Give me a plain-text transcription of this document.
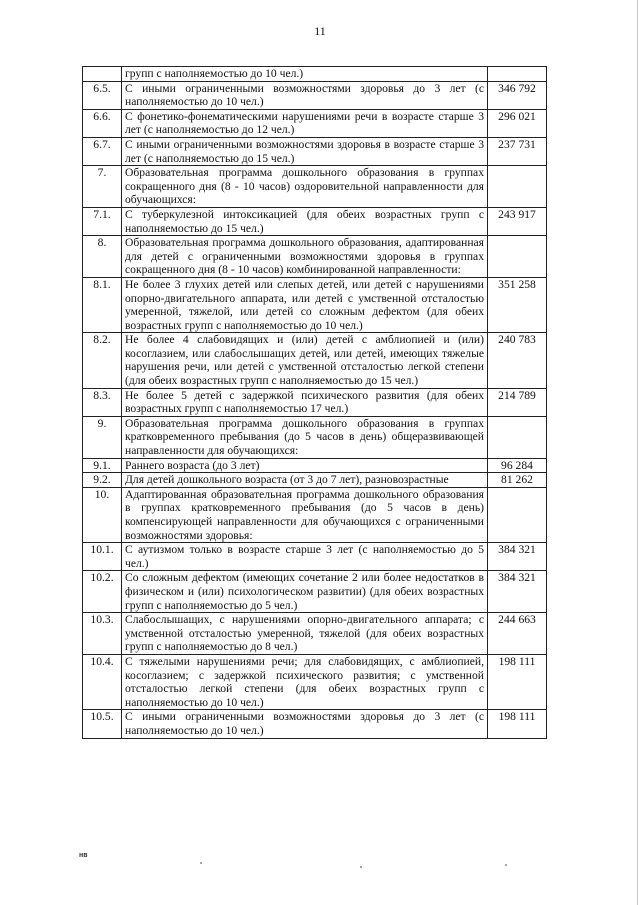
11
	групп с наполняемостью до 10 чел.)	
6.5.	С иными ограниченными возможностями здоровья до 3 лет (с наполняемостью до 10 чел.)	346 792
6.6.	С фонетико-фонематическими нарушениями речи в возрасте старше 3 лет (с наполняемостью до 12 чел.)	296 021
6.7.	С иными ограниченными возможностями здоровья в возрасте старше 3 лет (с наполняемостью до 15 чел.)	237 731
7.	Образовательная программа дошкольного образования в группах сокращенного дня (8 - 10 часов) оздоровительной направленности для обучающихся:	
7.1.	С туберкулезной интоксикацией (для обеих возрастных групп с наполняемостью до 15 чел.)	243 917
8.	Образовательная программа дошкольного образования, адаптированная для детей с ограниченными возможностями здоровья в группах сокращенного дня (8 - 10 часов) комбинированной направленности:	
8.1.	Не более 3 глухих детей или слепых детей, или детей с нарушениями опорно-двигательного аппарата, или детей с умственной отсталостью умеренной, тяжелой, или детей со сложным дефектом (для обеих возрастных групп с наполняемостью до 10 чел.)	351 258
8.2.	Не более 4 слабовидящих и (или) детей с амблиопией и (или) косоглазием, или слабослышащих детей, или детей, имеющих тяжелые нарушения речи, или детей с умственной отсталостью легкой степени (для обеих возрастных групп с наполняемостью до 15 чел.)	240 783
8.3.	Не более 5 детей с задержкой психического развития (для обеих возрастных групп с наполняемостью 17 чел.)	214 789
9.	Образовательная программа дошкольного образования в группах кратковременного пребывания (до 5 часов в день) общеразвивающей направленности для обучающихся:	
9.1.	Раннего возраста (до 3 лет)	96 284
9.2.	Для детей дошкольного возраста (от 3 до 7 лет), разновозрастные	81 262
10.	Адаптированная образовательная программа дошкольного образования в группах кратковременного пребывания (до 5 часов в день) компенсирующей направленности для обучающихся с ограниченными возможностями здоровья:	
10.1.	С аутизмом только в возрасте старше 3 лет (с наполняемостью до 5 чел.)	384 321
10.2.	Со сложным дефектом (имеющих сочетание 2 или более недостатков в физическом и (или) психологическом развитии) (для обеих возрастных групп с наполняемостью до 5 чел.)	384 321
10.3.	Слабослышащих, с нарушениями опорно-двигательного аппарата; с умственной отсталостью умеренной, тяжелой (для обеих возрастных групп с наполняемостью до 8 чел.)	244 663
10.4.	С тяжелыми нарушениями речи; для слабовидящих, с амблиопией, косоглазием; с задержкой психического развития; с умственной отсталостью легкой степени (для обеих возрастных групп с наполняемостью до 10 чел.)	198 111
10.5.	С иными ограниченными возможностями здоровья до 3 лет (с наполняемостью до 10 чел.)	198 111
нв
